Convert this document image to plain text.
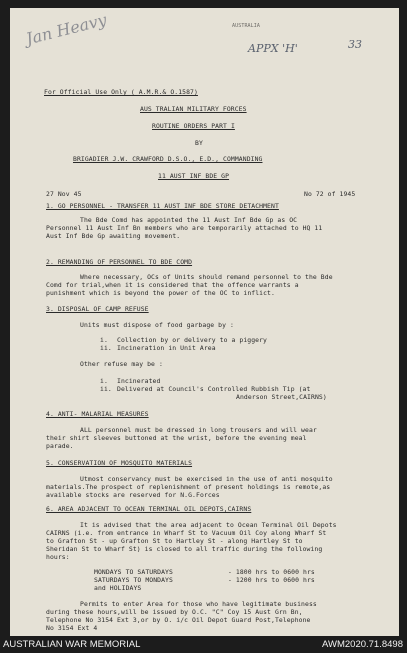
Jan Heavy	AUSTRALIA
APPX 'H'	33
For Official Use Only ( A.M.R.& O.1587)
AUS TRALIAN MILITARY FORCES
ROUTINE ORDERS PART I
BY
BRIGADIER J.W. CRAWFORD D.S.O., E.D., COMMANDING
11 AUST INF BDE GP
27 Nov 45	No 72 of 1945
1. GO PERSONNEL - TRANSFER 11 AUST INF BDE STORE DETACHMENT
The Bde Comd has appointed the 11 Aust Inf Bde Gp as OC
Personnel 11 Aust Inf Bn members who are temporarily attached to HQ 11
Aust Inf Bde Gp awaiting movement.
2. REMANDING OF PERSONNEL TO BDE COMD
Where necessary, OCs of Units should remand personnel to the Bde
Comd for trial,when it is considered that the offence warrants a
punishment which is beyond the power of the OC to inflict.
3. DISPOSAL OF CAMP REFUSE
Units must dispose of food garbage by :
i. Collection by or delivery to a piggery
ii. Incineration in Unit Area
Other refuse may be :
i. Incinerated
ii. Delivered at Council's Controlled Rubbish Tip (at
Anderson Street,CAIRNS)
4. ANTI- MALARIAL MEASURES
ALL personnel must be dressed in long trousers and will wear
their shirt sleeves buttoned at the wrist, before the evening meal
parade.
5. CONSERVATION OF MOSQUITO MATERIALS
Utmost conservancy must be exercised in the use of anti mosquito
materials.The prospect of replenishment of present holdings is remote,as
available stocks are reserved for N.G.Forces
6. AREA ADJACENT TO OCEAN TERMINAL OIL DEPOTS,CAIRNS
It is advised that the area adjacent to Ocean Terminal Oil Depots
CAIRNS (i.e. from entrance in Wharf St to Vacuum Oil Coy along Wharf St
to Grafton St - up Grafton St to Hartley St - along Hartley St to
Sheridan St to Wharf St) is closed to all traffic during the following
hours:
MONDAYS TO SATURDAYS	- 1800 hrs to 0600 hrs
SATURDAYS TO MONDAYS	- 1200 hrs to 0600 hrs
and HOLIDAYS
Permits to enter Area for those who have legitimate business
during these hours,will be issued by O.C. "C" Coy 15 Aust Grn Bn,
Telephone No 3154 Ext 3,or by O. i/c Oil Depot Guard Post,Telephone
No 3154 Ext 4
AUSTRALIAN WAR MEMORIAL	AWM2020.71.8498
